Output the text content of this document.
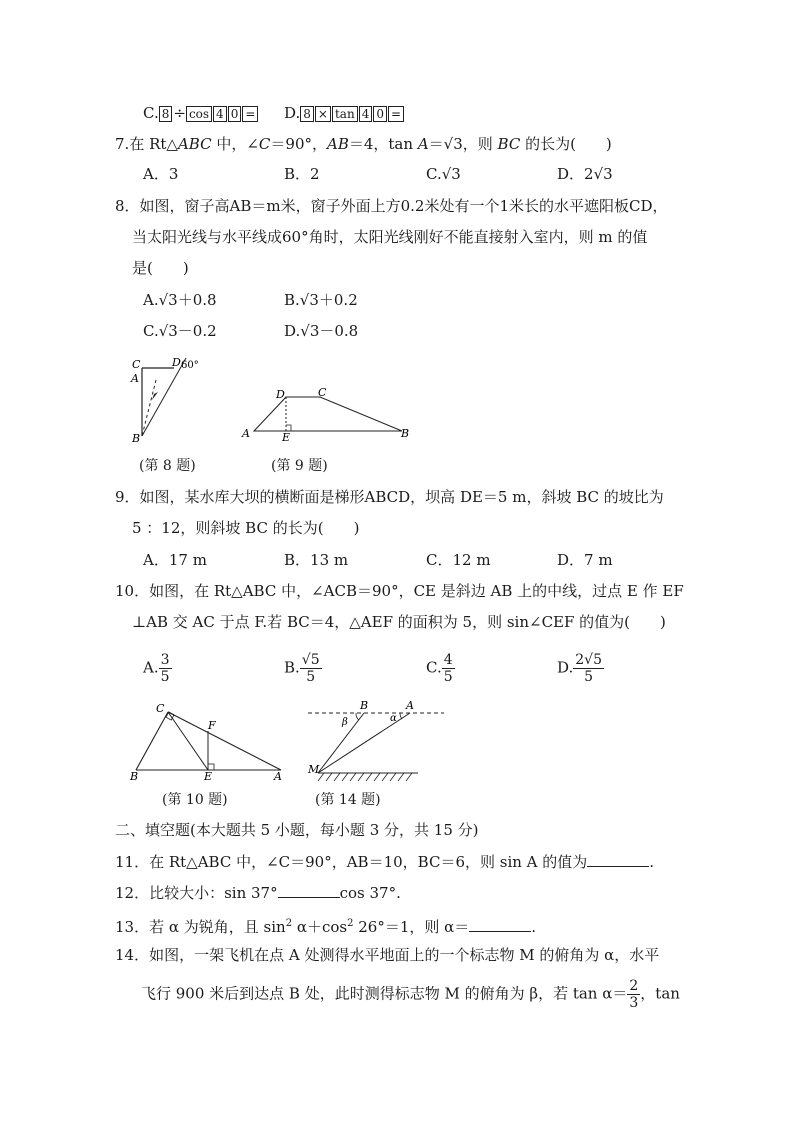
C. 8 ÷ cos 4 0 = D. 8 × tan 4 0 =
7.在 Rt△ABC 中，∠C＝90°，AB＝4，tan A＝√3，则 BC 的长为(　　)
A．3	B．2	C.√3	D．2√3
8．如图，窗子高AB＝m米，窗子外面上方0.2米处有一个1米长的水平遮阳板CD，
当太阳光线与水平线成60°角时，太阳光线刚好不能直接射入室内，则 m 的值
是(　　)
A.√3＋0.8	B.√3＋0.2
C.√3－0.2	D.√3－0.8
C	D 60°
A
B
D	C
A	E	B
(第 8 题)	(第 9 题)
9．如图，某水库大坝的横断面是梯形ABCD，坝高 DE＝5 m，斜坡 BC 的坡比为
5 ：12，则斜坡 BC 的长为(　　)
A．17 m	B．13 m	C．12 m	D．7 m
10．如图，在 Rt△ABC 中，∠ACB＝90°，CE 是斜边 AB 上的中线，过点 E 作 EF
⊥AB 交 AC 于点 F.若 BC＝4，△AEF 的面积为 5，则 sin∠CEF 的值为(　　)
A. $\frac{3}{5}$	B. $\frac{√5}{5}$	C. $\frac{4}{5}$	D. $\frac{2√5}{5}$
C
F
B	E	A
B	A
β	α
M
(第 10 题)	(第 14 题)
二、填空题(本大题共 5 小题，每小题 3 分，共 15 分)
11．在 Rt△ABC 中，∠C＝90°，AB＝10，BC＝6，则 sin A 的值为	.
12．比较大小：sin 37°	cos 37°.
13．若 α 为锐角，且 $\sin^2 \alpha+\cos^2$ 26°＝1，则 α＝	.
14．如图，一架飞机在点 A 处测得水平地面上的一个标志物 M 的俯角为 α，水平
飞行 900 米后到达点 B 处，此时测得标志物 M 的俯角为 β，若 $\tan \alpha= \frac{2}{3}$ ，tan
